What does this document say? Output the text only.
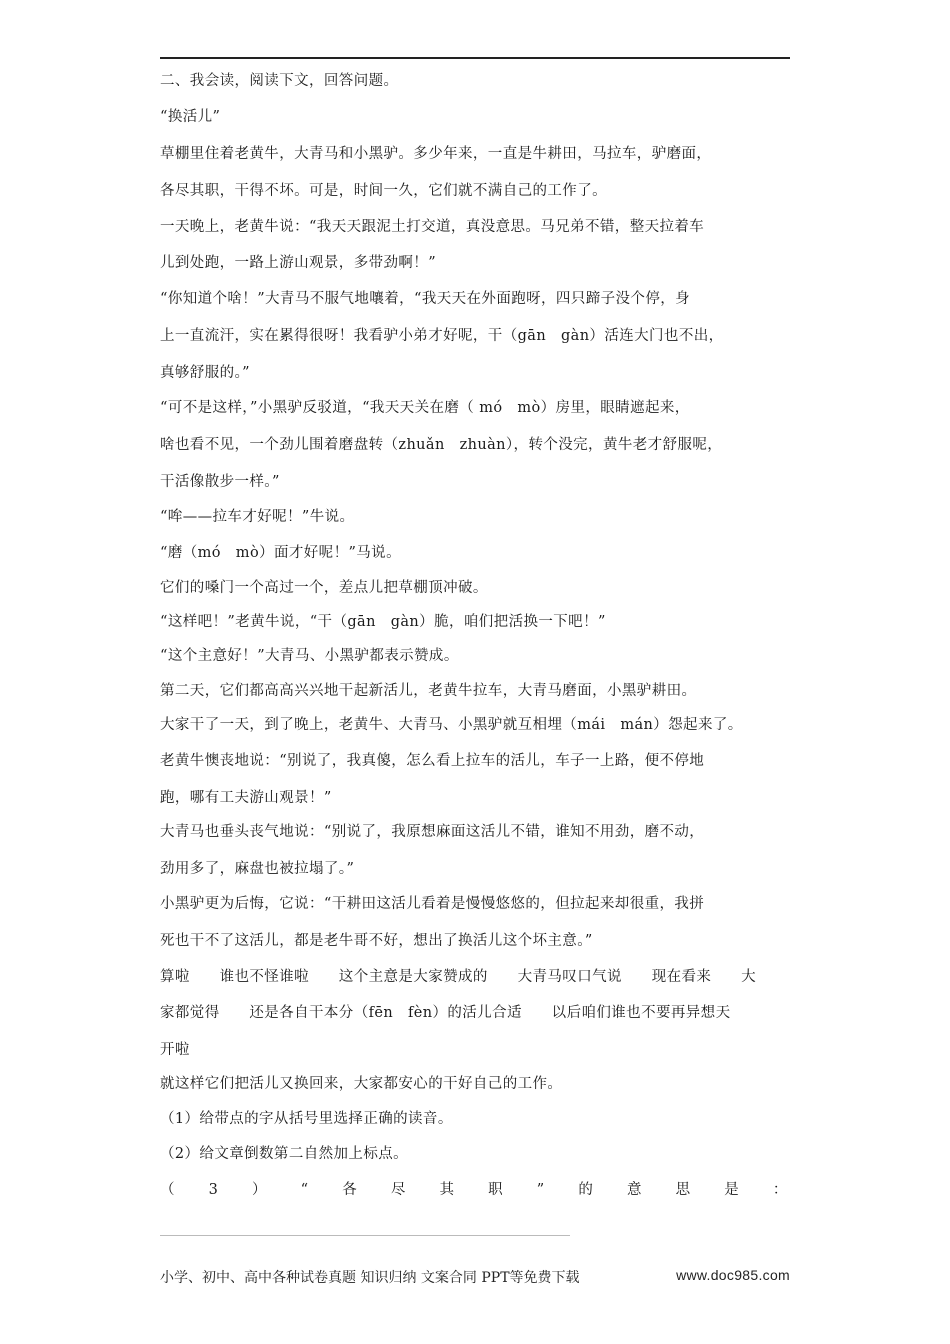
二、我会读，阅读下文，回答问题。

“换活儿”

草棚里住着老黄牛，大青马和小黑驴。多少年来，一直是牛耕田，马拉车，驴磨面，

各尽其职，干得不坏。可是，时间一久，它们就不满自己的工作了。

一天晚上，老黄牛说：“我天天跟泥土打交道，真没意思。马兄弟不错，整天拉着车

儿到处跑，一路上游山观景，多带劲啊！”

“你知道个啥！”大青马不服气地嚷着，“我天天在外面跑呀，四只蹄子没个停，身

上一直流汗，实在累得很呀！我看驴小弟才好呢，干（gān　gàn）活连大门也不出，

真够舒服的。”

“可不是这样，”小黑驴反驳道，“我天天关在磨（ mó　mò）房里，眼睛遮起来，

啥也看不见，一个劲儿围着磨盘转（zhuǎn　zhuàn），转个没完，黄牛老才舒服呢，

干活像散步一样。”

“哞——拉车才好呢！”牛说。

“磨（mó　mò）面才好呢！”马说。

它们的嗓门一个高过一个，差点儿把草棚顶冲破。

“这样吧！”老黄牛说，“干（gān　gàn）脆，咱们把活换一下吧！”

“这个主意好！”大青马、小黑驴都表示赞成。

第二天，它们都高高兴兴地干起新活儿，老黄牛拉车，大青马磨面，小黑驴耕田。

大家干了一天，到了晚上，老黄牛、大青马、小黑驴就互相埋（mái　mán）怨起来了。

老黄牛懊丧地说：“别说了，我真傻，怎么看上拉车的活儿，车子一上路，便不停地

跑，哪有工夫游山观景！”

大青马也垂头丧气地说：“别说了，我原想麻面这活儿不错，谁知不用劲，磨不动，

劲用多了，麻盘也被拉塌了。”

小黑驴更为后悔，它说：“干耕田这活儿看着是慢慢悠悠的，但拉起来却很重，我拼

死也干不了这活儿，都是老牛哥不好，想出了换活儿这个坏主意。”

算啦　　谁也不怪谁啦　　这个主意是大家赞成的　　大青马叹口气说　　现在看来　　大

家都觉得　　还是各自干本分（fēn　fèn）的活儿合适　　以后咱们谁也不要再异想天

开啦

就这样它们把活儿又换回来，大家都安心的干好自己的工作。

（1）给带点的字从括号里选择正确的读音。

（2）给文章倒数第二自然加上标点。

（ 3 ） “ 各 尽 其 职 ” 的 意 思 是 ：
小学、初中、高中各种试卷真题 知识归纳 文案合同 PPT等免费下载	www.doc985.com
